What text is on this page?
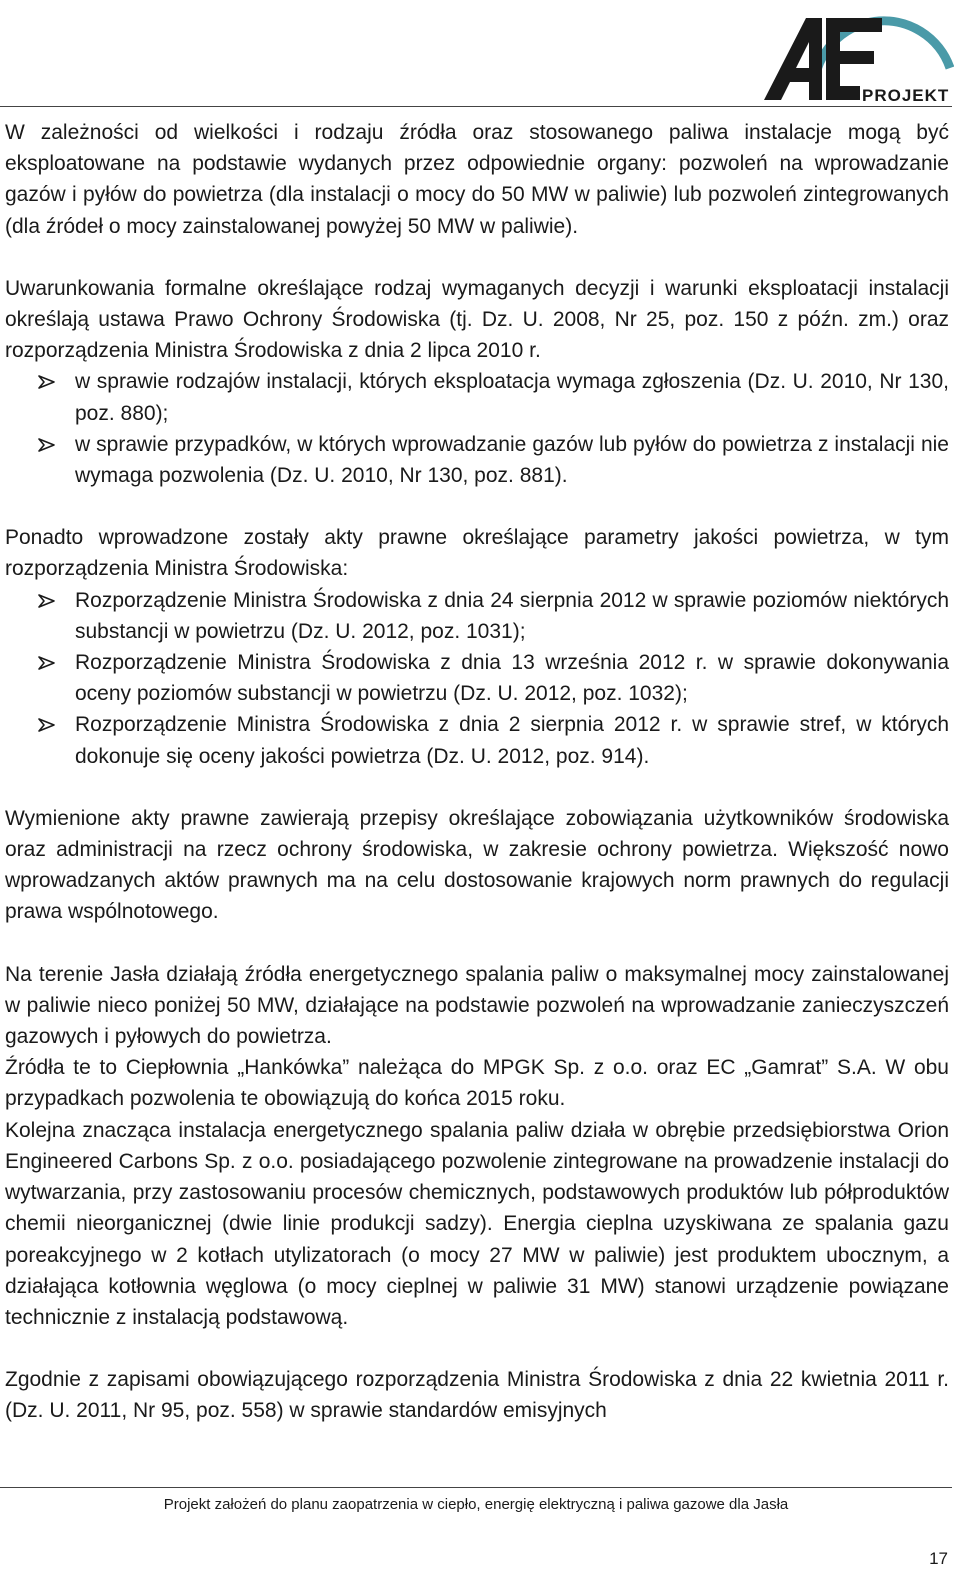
PROJEKT

W zależności od wielkości i rodzaju źródła oraz stosowanego paliwa instalacje mogą być eksploatowane na podstawie wydanych przez odpowiednie organy: pozwoleń na wprowadzanie gazów i pyłów do powietrza (dla instalacji o mocy do 50 MW w paliwie) lub pozwoleń zintegrowanych (dla źródeł o mocy zainstalowanej powyżej 50 MW w paliwie).

Uwarunkowania formalne określające rodzaj wymaganych decyzji i warunki eksploatacji instalacji określają ustawa Prawo Ochrony Środowiska (tj. Dz. U. 2008, Nr 25, poz. 150 z późn. zm.) oraz rozporządzenia Ministra Środowiska z dnia 2 lipca 2010 r.

w sprawie rodzajów instalacji, których eksploatacja wymaga zgłoszenia (Dz. U. 2010, Nr 130, poz. 880);
w sprawie przypadków, w których wprowadzanie gazów lub pyłów do powietrza z instalacji nie wymaga pozwolenia (Dz. U. 2010, Nr 130, poz. 881).

Ponadto wprowadzone zostały akty prawne określające parametry jakości powietrza, w tym rozporządzenia Ministra Środowiska:

Rozporządzenie Ministra Środowiska z dnia 24 sierpnia 2012 w sprawie poziomów niektórych substancji w powietrzu (Dz. U. 2012, poz. 1031);
Rozporządzenie Ministra Środowiska z dnia 13 września 2012 r. w sprawie dokonywania oceny poziomów substancji w powietrzu (Dz. U. 2012, poz. 1032);
Rozporządzenie Ministra Środowiska z dnia 2 sierpnia 2012 r. w sprawie stref, w których dokonuje się oceny jakości powietrza (Dz. U. 2012, poz. 914).

Wymienione akty prawne zawierają przepisy określające zobowiązania użytkowników środowiska oraz administracji na rzecz ochrony środowiska, w zakresie ochrony powietrza. Większość nowo wprowadzanych aktów prawnych ma na celu dostosowanie krajowych norm prawnych do regulacji prawa wspólnotowego.

Na terenie Jasła działają źródła energetycznego spalania paliw o maksymalnej mocy zainstalowanej w paliwie nieco poniżej 50 MW, działające na podstawie pozwoleń na wprowadzanie zanieczyszczeń gazowych i pyłowych do powietrza.

Źródła te to Ciepłownia „Hankówka” należąca do MPGK Sp. z o.o. oraz EC „Gamrat” S.A. W obu przypadkach pozwolenia te obowiązują do końca 2015 roku.

Kolejna znacząca instalacja energetycznego spalania paliw działa w obrębie przedsiębiorstwa Orion Engineered Carbons Sp. z o.o. posiadającego pozwolenie zintegrowane na prowadzenie instalacji do wytwarzania, przy zastosowaniu procesów chemicznych, podstawowych produktów lub półproduktów chemii nieorganicznej (dwie linie produkcji sadzy). Energia cieplna uzyskiwana ze spalania gazu poreakcyjnego w 2 kotłach utylizatorach (o mocy 27 MW w paliwie) jest produktem ubocznym, a działająca kotłownia węglowa (o mocy cieplnej w paliwie 31 MW) stanowi urządzenie powiązane technicznie z instalacją podstawową.

Zgodnie z zapisami obowiązującego rozporządzenia Ministra Środowiska z dnia 22 kwietnia 2011 r. (Dz. U. 2011, Nr 95, poz. 558) w sprawie standardów emisyjnych

Projekt założeń do planu zaopatrzenia w ciepło, energię elektryczną i paliwa gazowe dla Jasła
17
